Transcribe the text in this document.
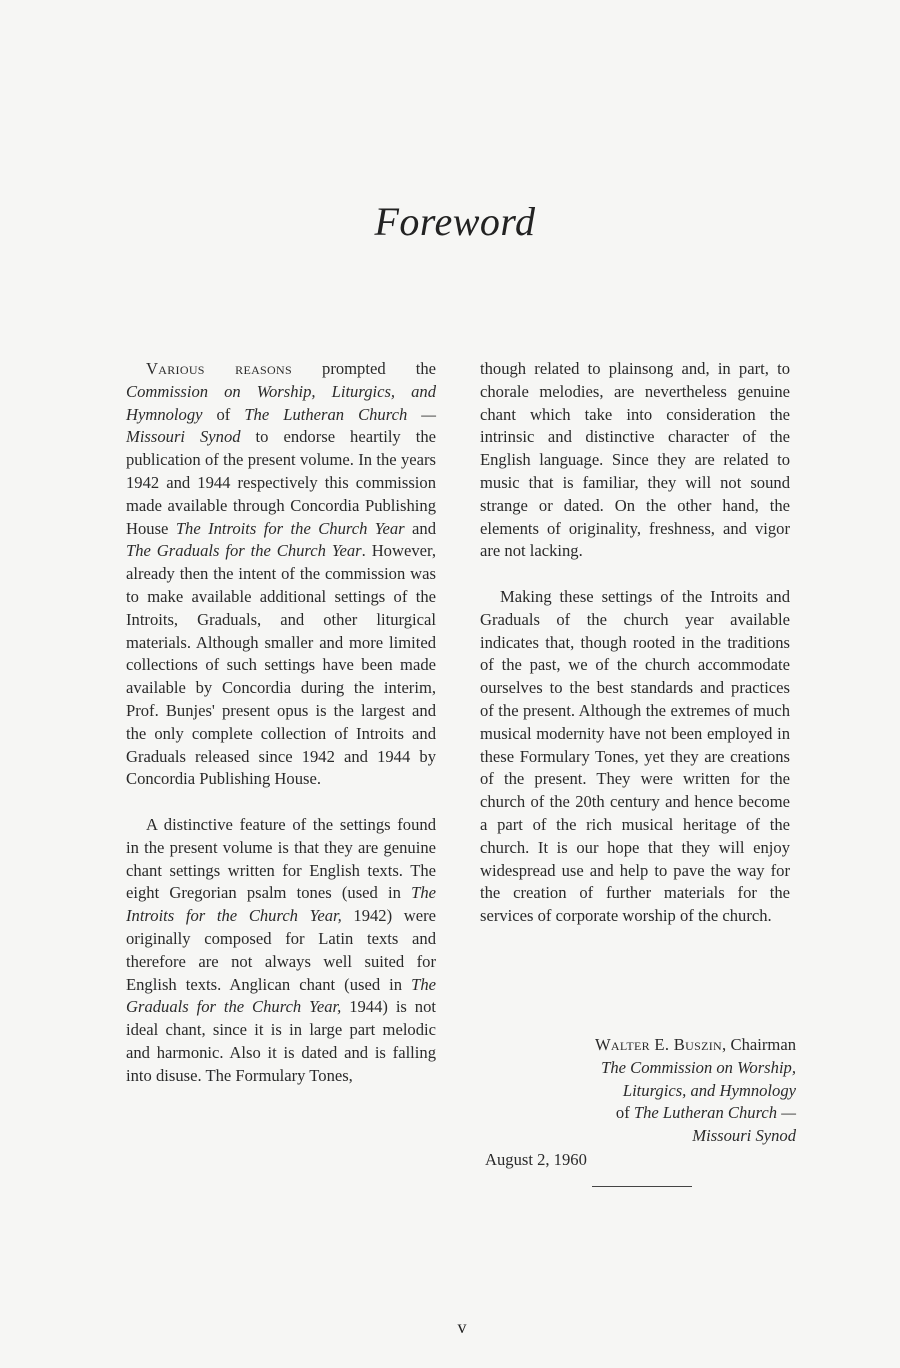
Foreword

Various reasons prompted the Commission on Worship, Liturgics, and Hymnology of The Lutheran Church — Missouri Synod to endorse heartily the publication of the present volume. In the years 1942 and 1944 respectively this commission made available through Concordia Publishing House The Introits for the Church Year and The Graduals for the Church Year. However, already then the intent of the commission was to make available additional settings of the Introits, Graduals, and other liturgical materials. Although smaller and more limited collections of such settings have been made available by Concordia during the interim, Prof. Bunjes' present opus is the largest and the only complete collection of Introits and Graduals released since 1942 and 1944 by Concordia Publishing House.

A distinctive feature of the settings found in the present volume is that they are genuine chant settings written for English texts. The eight Gregorian psalm tones (used in The Introits for the Church Year, 1942) were originally composed for Latin texts and therefore are not always well suited for English texts. Anglican chant (used in The Graduals for the Church Year, 1944) is not ideal chant, since it is in large part melodic and harmonic. Also it is dated and is falling into disuse. The Formulary Tones,

though related to plainsong and, in part, to chorale melodies, are nevertheless genuine chant which take into consideration the intrinsic and distinctive character of the English language. Since they are related to music that is familiar, they will not sound strange or dated. On the other hand, the elements of originality, freshness, and vigor are not lacking.

Making these settings of the Introits and Graduals of the church year available indicates that, though rooted in the traditions of the past, we of the church accommodate ourselves to the best standards and practices of the present. Although the extremes of much musical modernity have not been employed in these Formulary Tones, yet they are creations of the present. They were written for the church of the 20th century and hence become a part of the rich musical heritage of the church. It is our hope that they will enjoy widespread use and help to pave the way for the creation of further materials for the services of corporate worship of the church.

Walter E. Buszin, Chairman
The Commission on Worship,
Liturgics, and Hymnology
of The Lutheran Church —
Missouri Synod
August 2, 1960
v
